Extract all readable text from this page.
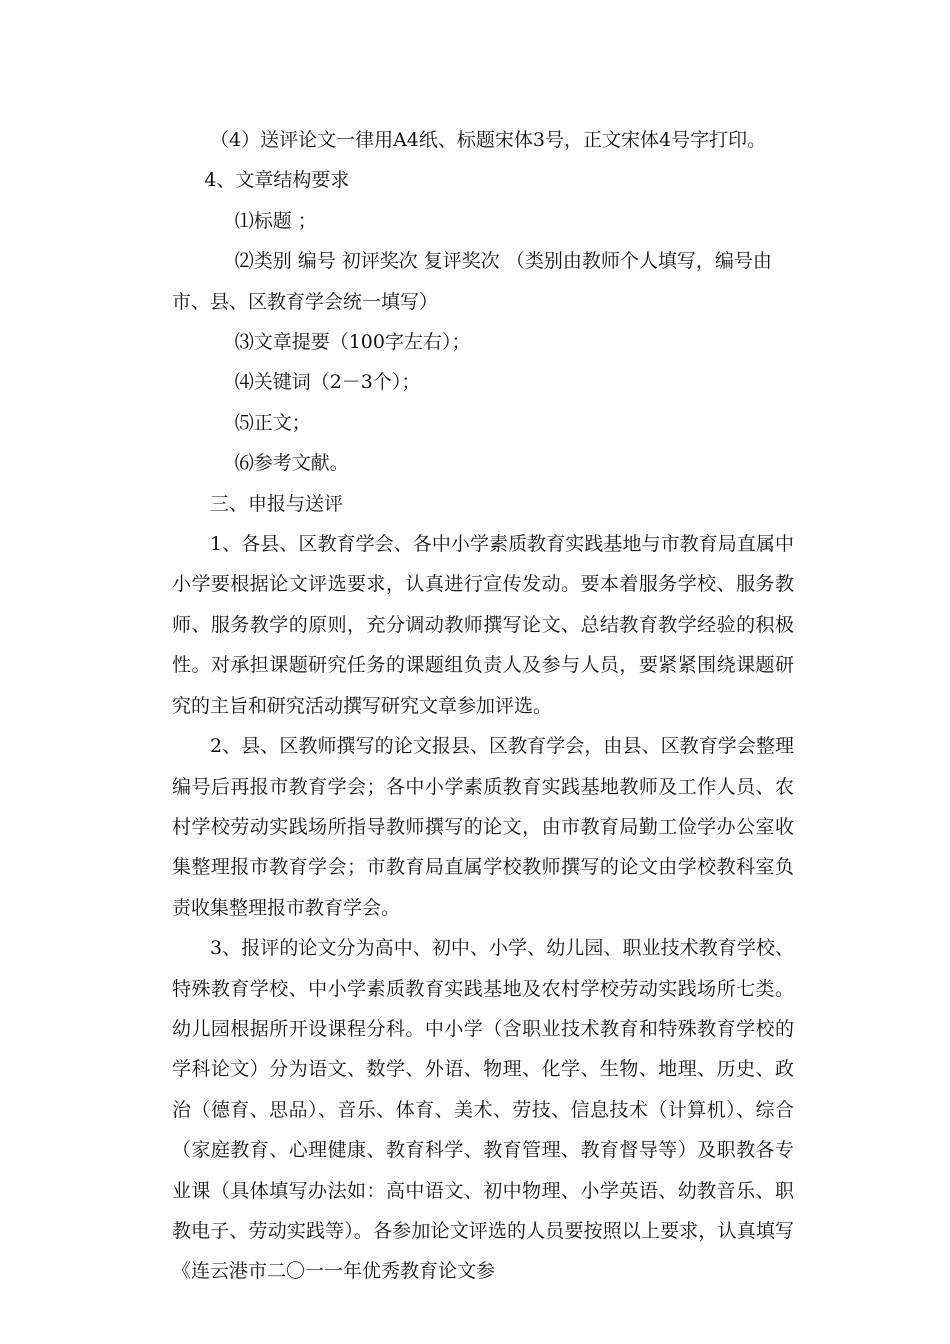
（4）送评论文一律用A4纸、标题宋体3号，正文宋体4号字打印。

4、文章结构要求

⑴标题 ；

⑵类别 编号 初评奖次 复评奖次 （类别由教师个人填写，编号由

市、县、区教育学会统一填写）

⑶文章提要（100字左右）；

⑷关键词（2－3个）；

⑸正文；

⑹参考文献。

三、申报与送评

1、各县、区教育学会、各中小学素质教育实践基地与市教育局直属中小学要根据论文评选要求，认真进行宣传发动。要本着服务学校、服务教师、服务教学的原则，充分调动教师撰写论文、总结教育教学经验的积极性。对承担课题研究任务的课题组负责人及参与人员，要紧紧围绕课题研究的主旨和研究活动撰写研究文章参加评选。

2、县、区教师撰写的论文报县、区教育学会，由县、区教育学会整理编号后再报市教育学会；各中小学素质教育实践基地教师及工作人员、农村学校劳动实践场所指导教师撰写的论文，由市教育局勤工俭学办公室收集整理报市教育学会；市教育局直属学校教师撰写的论文由学校教科室负责收集整理报市教育学会。

3、报评的论文分为高中、初中、小学、幼儿园、职业技术教育学校、特殊教育学校、中小学素质教育实践基地及农村学校劳动实践场所七类。幼儿园根据所开设课程分科。中小学（含职业技术教育和特殊教育学校的学科论文）分为语文、数学、外语、物理、化学、生物、地理、历史、政治（德育、思品）、音乐、体育、美术、劳技、信息技术（计算机）、综合（家庭教育、心理健康、教育科学、教育管理、教育督导等）及职教各专业课（具体填写办法如：高中语文、初中物理、小学英语、幼教音乐、职教电子、劳动实践等）。各参加论文评选的人员要按照以上要求，认真填写《连云港市二〇一一年优秀教育论文参
